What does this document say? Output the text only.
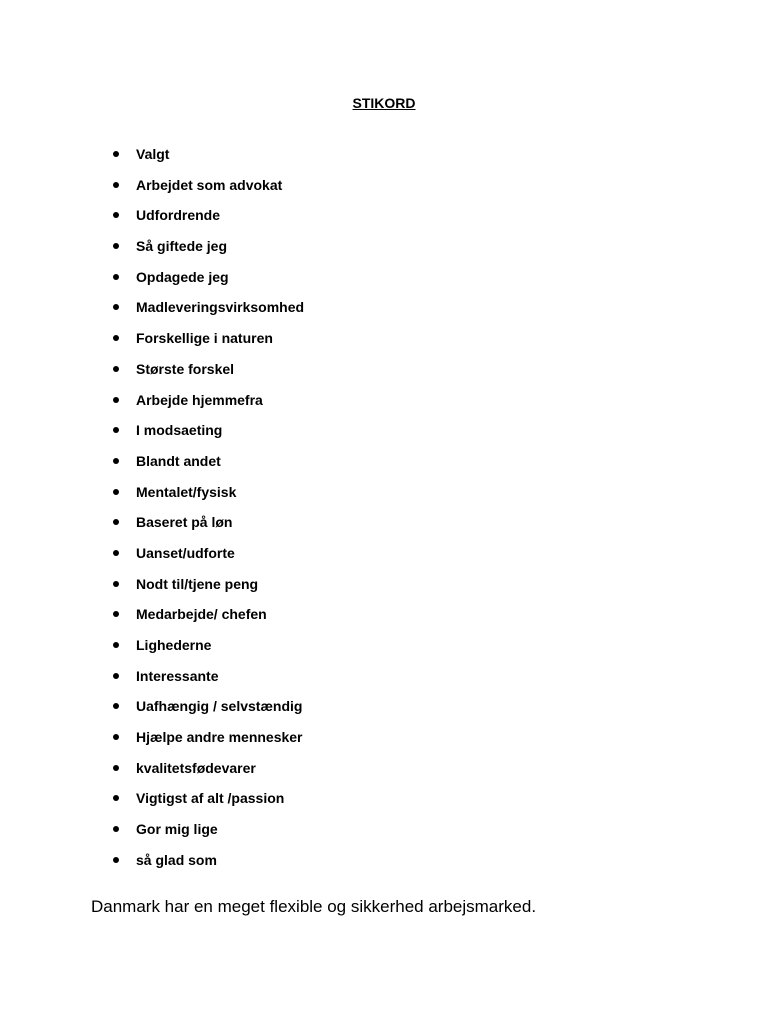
STIKORD
Valgt
Arbejdet som advokat
Udfordrende
Så giftede jeg
Opdagede jeg
Madleveringsvirksomhed
Forskellige i naturen
Største forskel
Arbejde hjemmefra
I modsaeting
Blandt andet
Mentalet/fysisk
Baseret på løn
Uanset/udforte
Nodt til/tjene peng
Medarbejde/ chefen
Lighederne
Interessante
Uafhængig / selvstændig
Hjælpe andre mennesker
kvalitetsfødevarer
Vigtigst af alt /passion
Gor mig lige
så glad som
Danmark har en meget flexible og sikkerhed arbejsmarked.
